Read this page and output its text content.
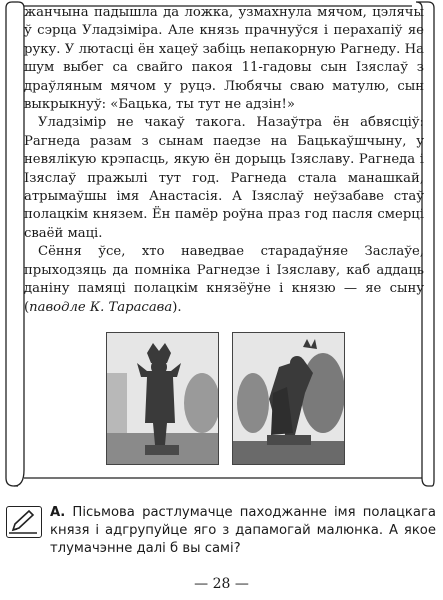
жанчына падышла да ложка, узмахнула мячом, цэлячы ў сэрца Уладзіміра. Але князь прачнуўся і перахапіў яе руку. У лютасці ён хацеў забіць непакорную Рагнеду. На шум выбег са свайго пакоя 11-гадовы сын Ізяслаў з драўляным мячом у руцэ. Любячы сваю матулю, сын выкрыкнуў: «Бацька, ты тут не адзін!»

Уладзімір не чакаў такога. Назаўтра ён абвясціў: Рагнеда разам з сынам паедзе на Бацькаўшчыну, у невялікую крэпасць, якую ён дорыць Ізяславу. Рагнеда і Ізяслаў пражылі тут год. Рагнеда стала манашкай, атрымаўшы імя Анастасія. А Ізяслаў неўзабаве стаў полацкім князем. Ён памёр роўна праз год пасля смерці сваёй маці.

Сёння ўсе, хто наведвае старадаўняе Заслаўе, прыходзяць да помніка Рагнедзе і Ізяславу, каб аддаць даніну памяці полацкім князёўне і князю — яе сыну (паводле К. Тарасава).

А. Пісьмова растлумачце паходжанне імя полацкага князя і адгрупуйце яго з дапамогай малюнка. А якое тлумачэнне далі б вы самі?
— 28 —
